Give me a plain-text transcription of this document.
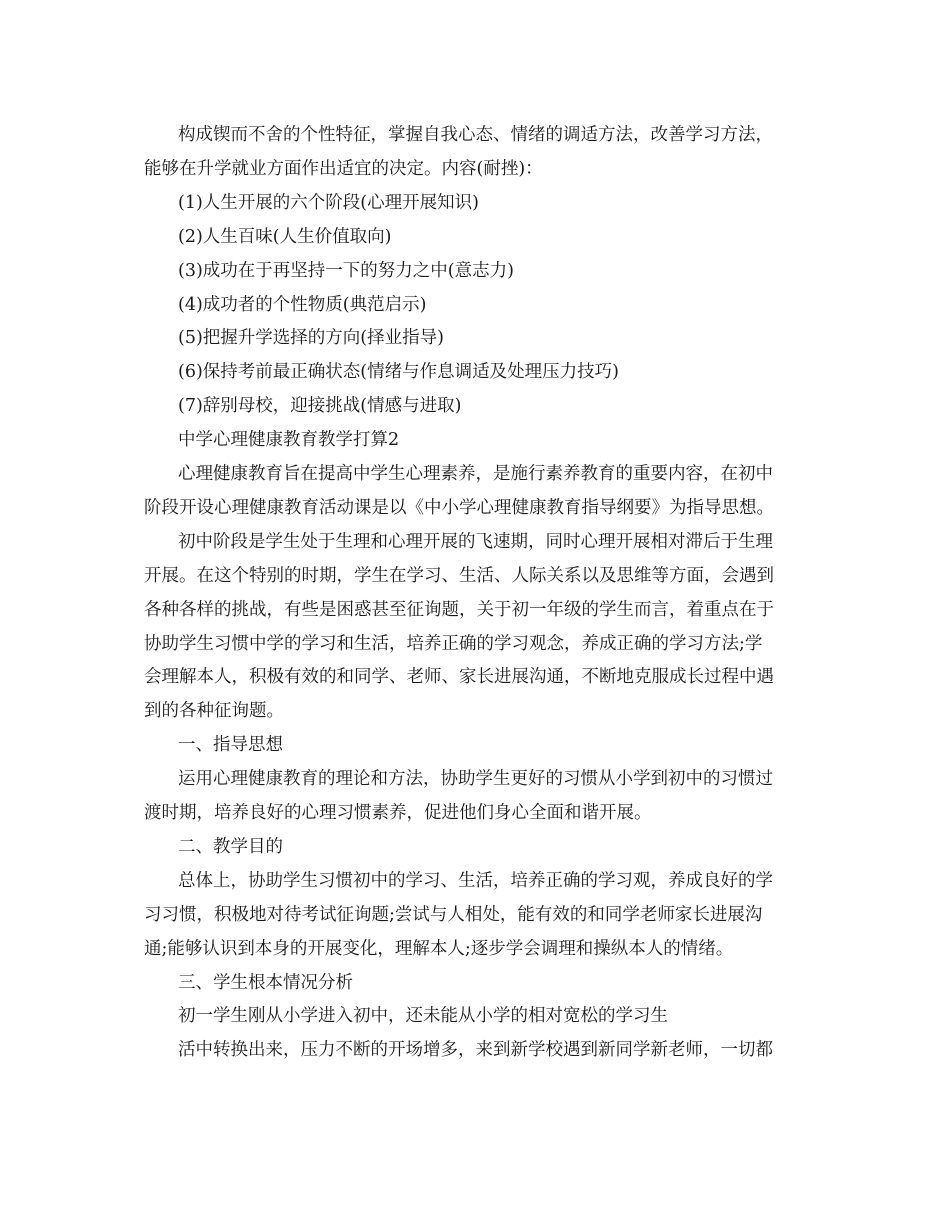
构成锲而不舍的个性特征，掌握自我心态、情绪的调适方法，改善学习方法，
能够在升学就业方面作出适宜的决定。内容(耐挫)：
(1)人生开展的六个阶段(心理开展知识)
(2)人生百味(人生价值取向)
(3)成功在于再坚持一下的努力之中(意志力)
(4)成功者的个性物质(典范启示)
(5)把握升学选择的方向(择业指导)
(6)保持考前最正确状态(情绪与作息调适及处理压力技巧)
(7)辞别母校，迎接挑战(情感与进取)
中学心理健康教育教学打算2
心理健康教育旨在提高中学生心理素养，是施行素养教育的重要内容，在初中
阶段开设心理健康教育活动课是以《中小学心理健康教育指导纲要》为指导思想。
初中阶段是学生处于生理和心理开展的飞速期，同时心理开展相对滞后于生理
开展。在这个特别的时期，学生在学习、生活、人际关系以及思维等方面，会遇到
各种各样的挑战，有些是困惑甚至征询题，关于初一年级的学生而言，着重点在于
协助学生习惯中学的学习和生活，培养正确的学习观念，养成正确的学习方法;学
会理解本人，积极有效的和同学、老师、家长进展沟通，不断地克服成长过程中遇
到的各种征询题。
一、指导思想
运用心理健康教育的理论和方法，协助学生更好的习惯从小学到初中的习惯过
渡时期，培养良好的心理习惯素养，促进他们身心全面和谐开展。
二、教学目的
总体上，协助学生习惯初中的学习、生活，培养正确的学习观，养成良好的学
习习惯，积极地对待考试征询题;尝试与人相处，能有效的和同学老师家长进展沟
通;能够认识到本身的开展变化，理解本人;逐步学会调理和操纵本人的情绪。
三、学生根本情况分析
初一学生刚从小学进入初中，还未能从小学的相对宽松的学习生
活中转换出来，压力不断的开场增多，来到新学校遇到新同学新老师，一切都
